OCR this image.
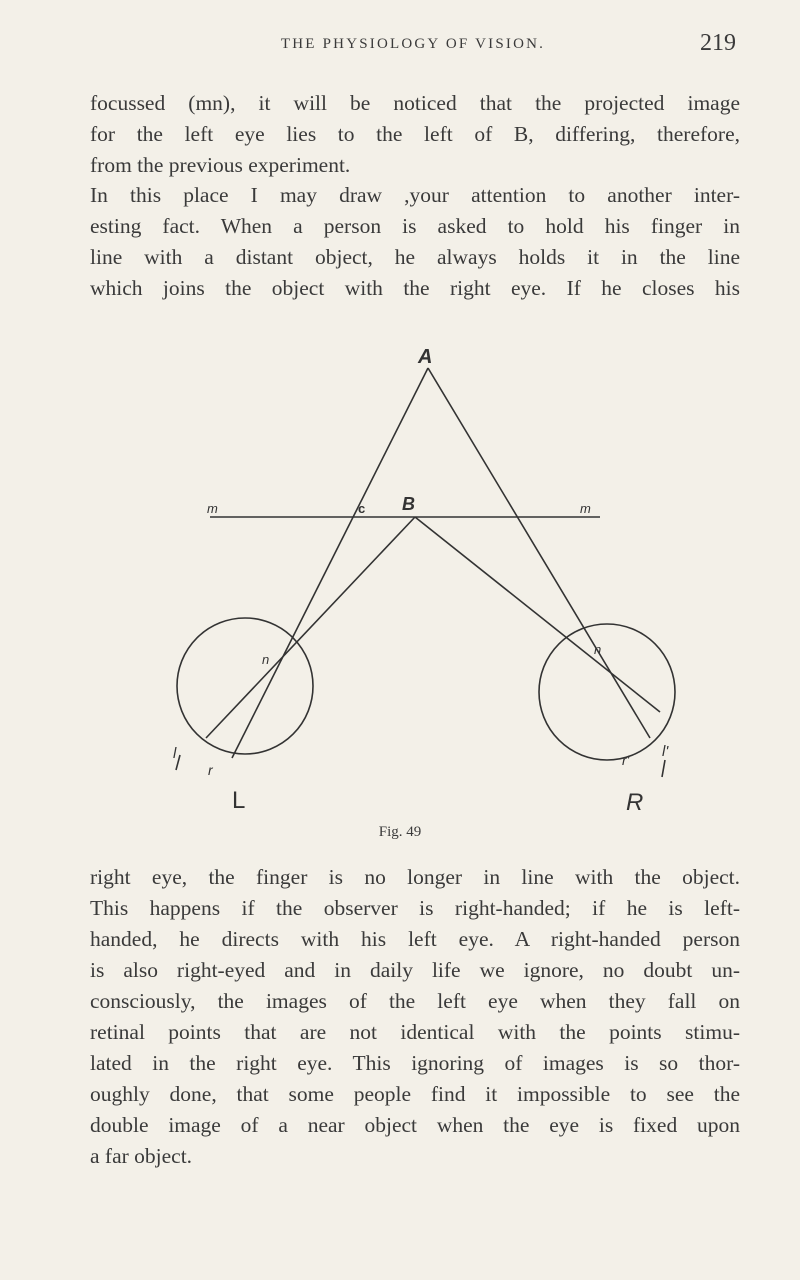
THE PHYSIOLOGY OF VISION.	219
focussed (mn), it will be noticed that the projected image
for the left eye lies to the left of B, differing, therefore,
from the previous experiment.
In this place I may draw ,your attention to another inter-
esting fact. When a person is asked to hold his finger in
line with a distant object, he always holds it in the line
which joins the object with the right eye. If he closes his
A
B
c
m	m
n
n
l
r
r' l'
L	R
Fig. 49
right eye, the finger is no longer in line with the object.
This happens if the observer is right-handed; if he is left-
handed, he directs with his left eye. A right-handed person
is also right-eyed and in daily life we ignore, no doubt un-
consciously, the images of the left eye when they fall on
retinal points that are not identical with the points stimu-
lated in the right eye. This ignoring of images is so thor-
oughly done, that some people find it impossible to see the
double image of a near object when the eye is fixed upon
a far object.
